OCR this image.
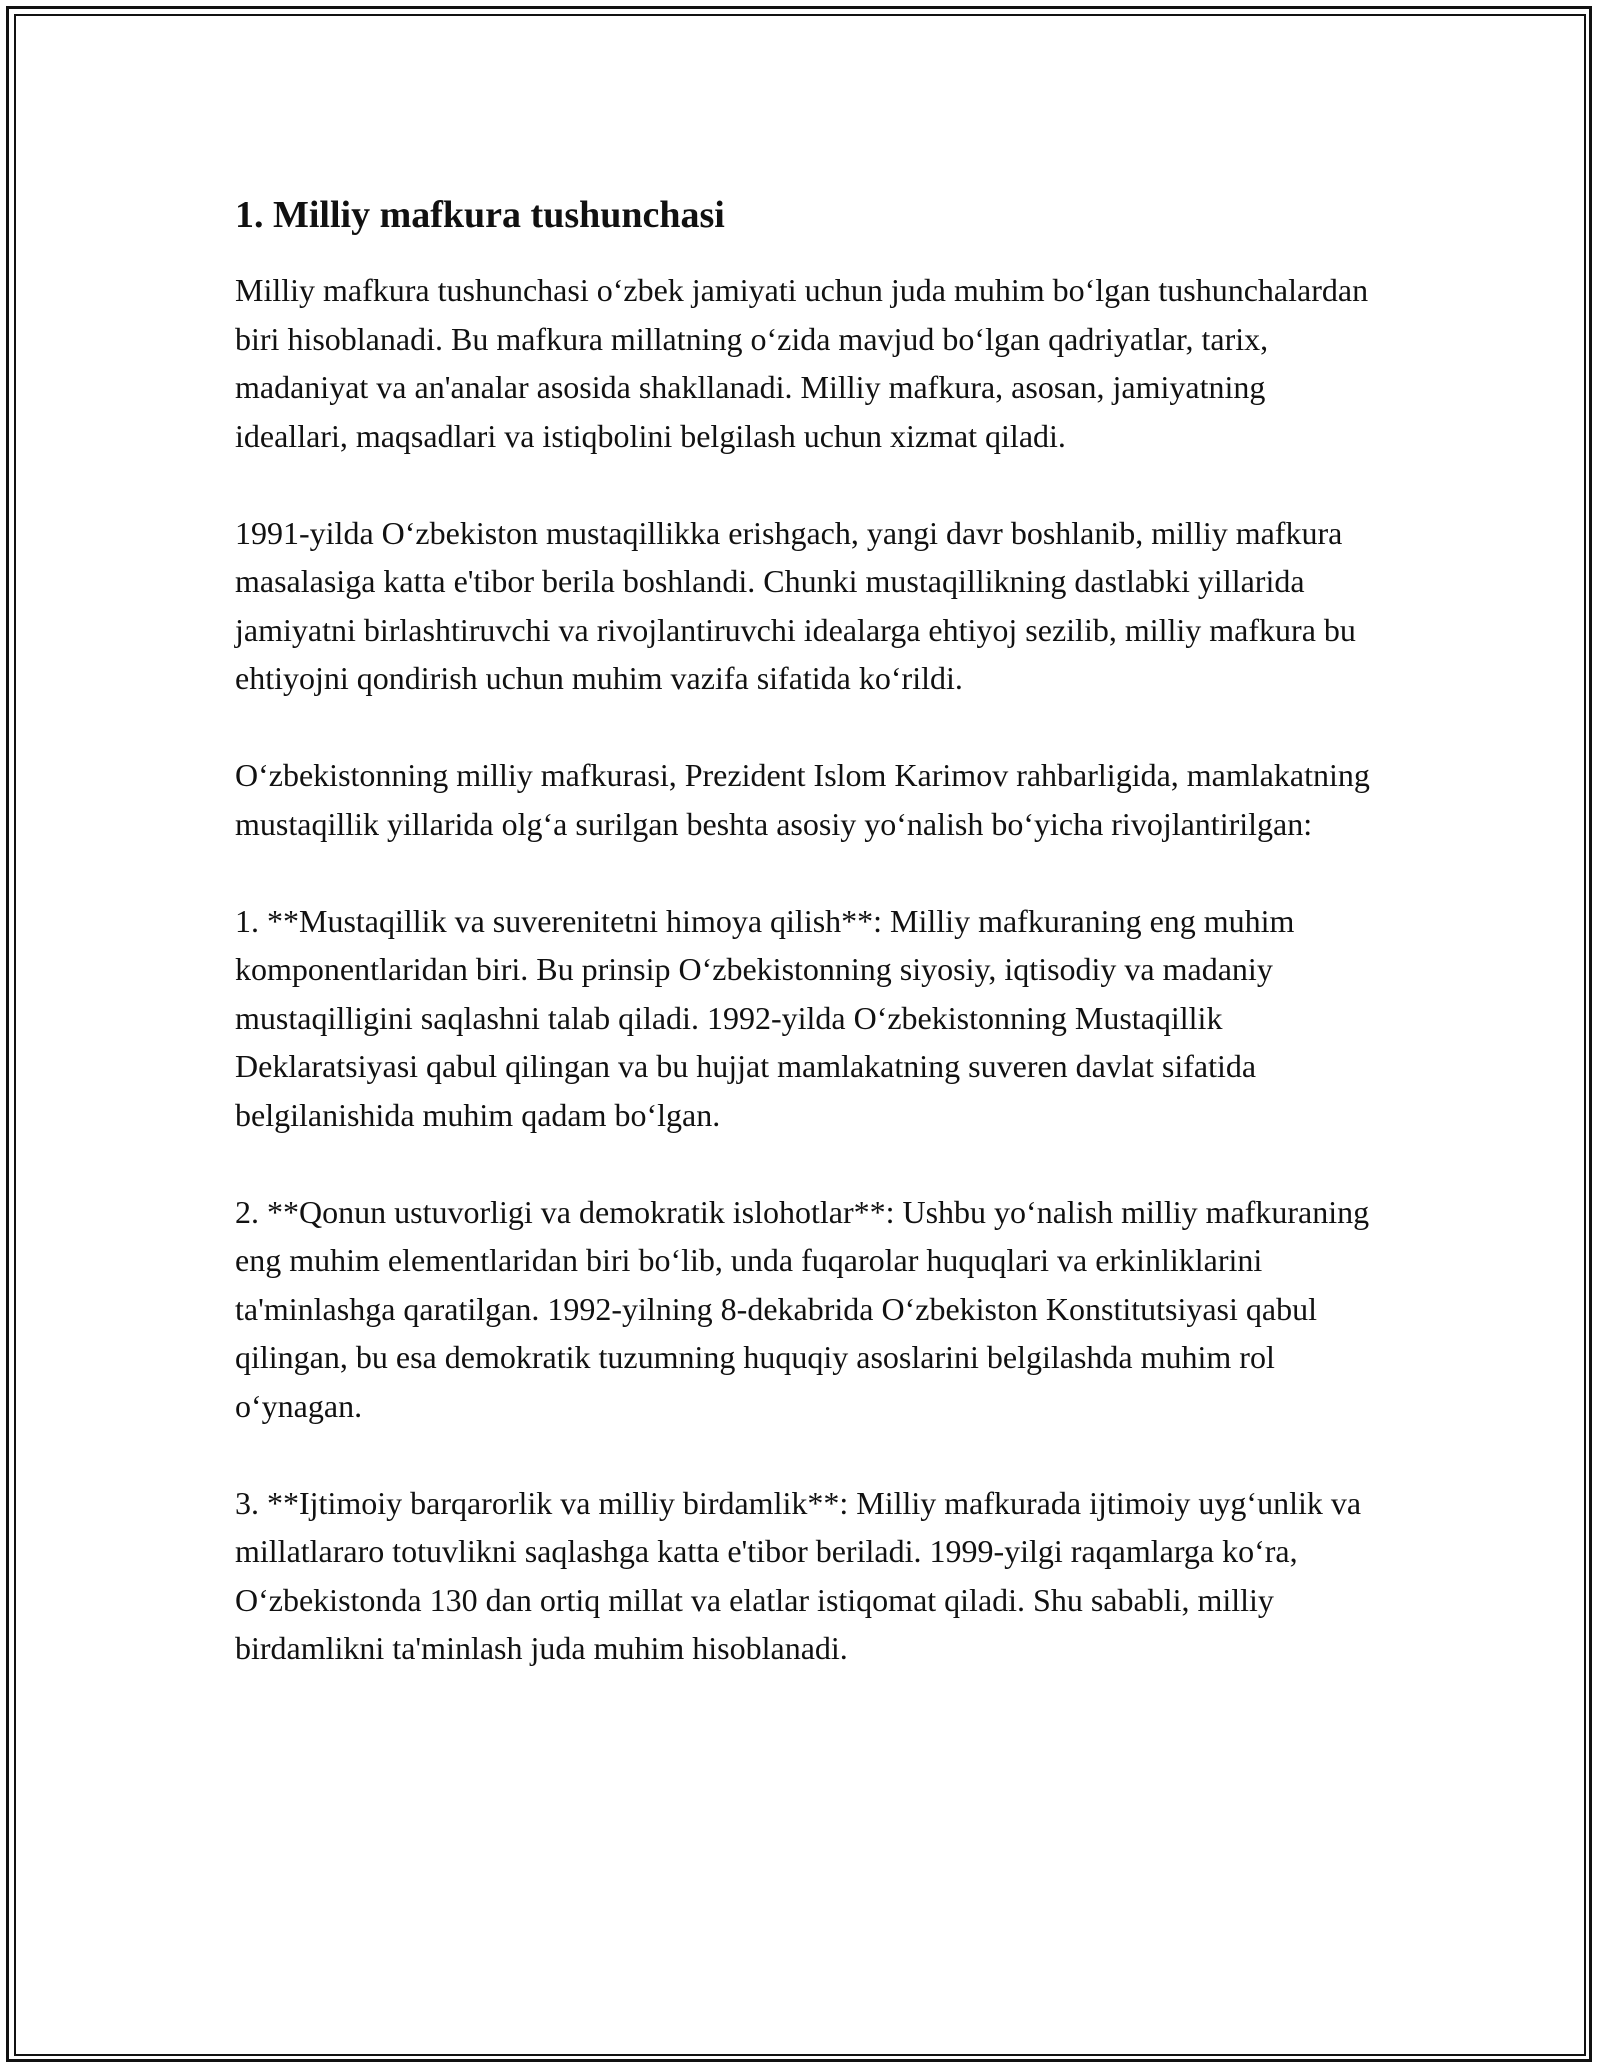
1. Milliy mafkura tushunchasi

Milliy mafkura tushunchasi o‘zbek jamiyati uchun juda muhim bo‘lgan tushunchalardan biri hisoblanadi. Bu mafkura millatning o‘zida mavjud bo‘lgan qadriyatlar, tarix, madaniyat va an'analar asosida shakllanadi. Milliy mafkura, asosan, jamiyatning ideallari, maqsadlari va istiqbolini belgilash uchun xizmat qiladi.

1991-yilda O‘zbekiston mustaqillikka erishgach, yangi davr boshlanib, milliy mafkura masalasiga katta e'tibor berila boshlandi. Chunki mustaqillikning dastlabki yillarida jamiyatni birlashtiruvchi va rivojlantiruvchi idealarga ehtiyoj sezilib, milliy mafkura bu ehtiyojni qondirish uchun muhim vazifa sifatida ko‘rildi.

O‘zbekistonning milliy mafkurasi, Prezident Islom Karimov rahbarligida, mamlakatning mustaqillik yillarida olg‘a surilgan beshta asosiy yo‘nalish bo‘yicha rivojlantirilgan:

1. **Mustaqillik va suverenitetni himoya qilish**: Milliy mafkuraning eng muhim komponentlaridan biri. Bu prinsip O‘zbekistonning siyosiy, iqtisodiy va madaniy mustaqilligini saqlashni talab qiladi. 1992-yilda O‘zbekistonning Mustaqillik Deklaratsiyasi qabul qilingan va bu hujjat mamlakatning suveren davlat sifatida belgilanishida muhim qadam bo‘lgan.

2. **Qonun ustuvorligi va demokratik islohotlar**: Ushbu yo‘nalish milliy mafkuraning eng muhim elementlaridan biri bo‘lib, unda fuqarolar huquqlari va erkinliklarini ta'minlashga qaratilgan. 1992-yilning 8-dekabrida O‘zbekiston Konstitutsiyasi qabul qilingan, bu esa demokratik tuzumning huquqiy asoslarini belgilashda muhim rol o‘ynagan.

3. **Ijtimoiy barqarorlik va milliy birdamlik**: Milliy mafkurada ijtimoiy uyg‘unlik va millatlararo totuvlikni saqlashga katta e'tibor beriladi. 1999-yilgi raqamlarga ko‘ra, O‘zbekistonda 130 dan ortiq millat va elatlar istiqomat qiladi. Shu sababli, milliy birdamlikni ta'minlash juda muhim hisoblanadi.
